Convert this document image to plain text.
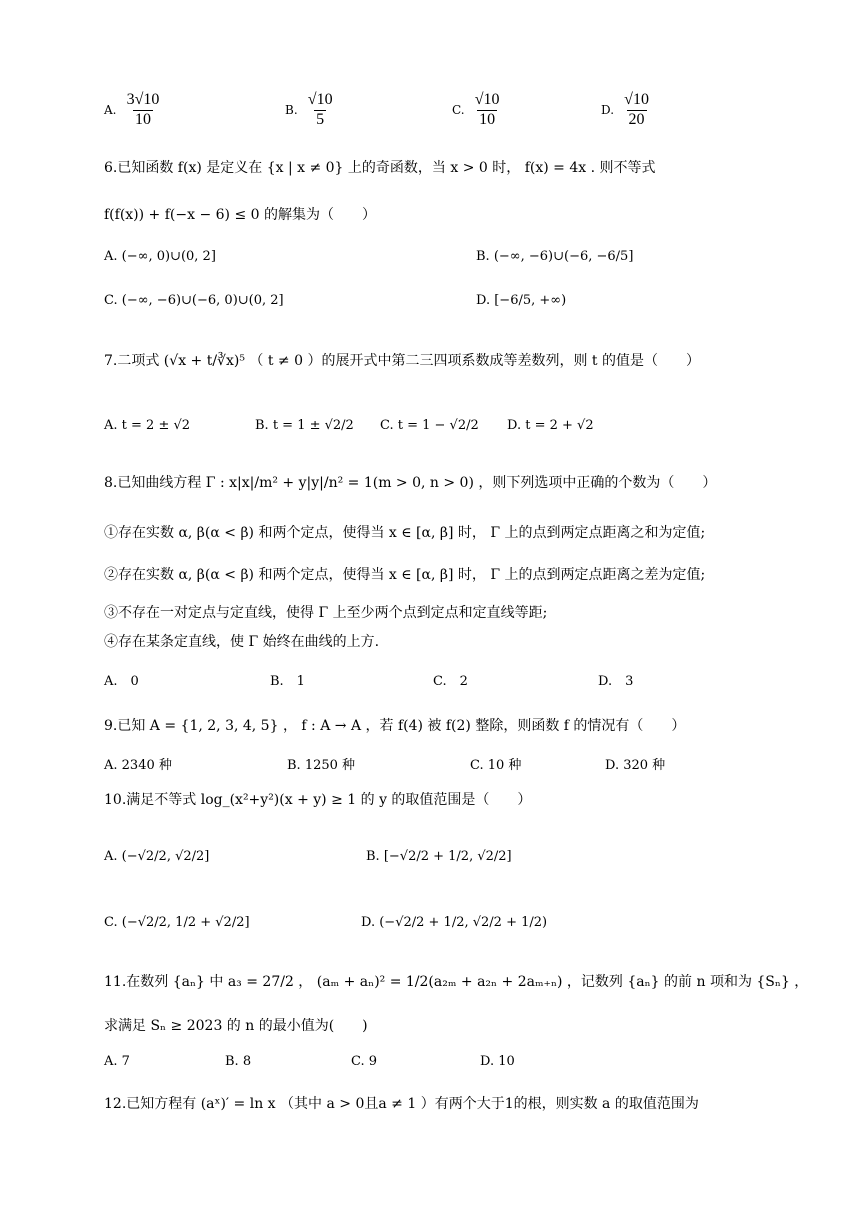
A. $\frac{3√10}{10}$	B. $\frac{√10}{5}$	C. $\frac{√10}{10}$	D. $\frac{√10}{20}$
6.已知函数 f(x) 是定义在 {x | x ≠ 0} 上的奇函数，当 x > 0 时， f(x) = 4x . 则不等式
f(f(x)) + f(−x − 6) ≤ 0 的解集为（　　）
A. (−∞, 0)∪(0, 2]	B. (−∞, −6)∪(−6, −6/5]
C. (−∞, −6)∪(−6, 0)∪(0, 2]	D. [−6/5, +∞)
7.二项式 (√x + t/∛x)⁵ （ t ≠ 0 ）的展开式中第二三四项系数成等差数列，则 t 的值是（　　）
A. t = 2 ± √2	B. t = 1 ± √2/2 C. t = 1 − √2/2 D. t = 2 + √2
8.已知曲线方程 Γ : x|x|/m² + y|y|/n² = 1(m > 0, n > 0) ，则下列选项中正确的个数为（　　）
①存在实数 α, β(α < β) 和两个定点，使得当 x ∈ [α, β] 时， Γ 上的点到两定点距离之和为定值;
②存在实数 α, β(α < β) 和两个定点，使得当 x ∈ [α, β] 时， Γ 上的点到两定点距离之差为定值;
③不存在一对定点与定直线，使得 Γ 上至少两个点到定点和定直线等距;
④存在某条定直线，使 Γ 始终在曲线的上方.
A.　0	B.　1	C.　2	D.　3
9.已知 A = {1, 2, 3, 4, 5} ， f : A → A ，若 f(4) 被 f(2) 整除，则函数 f 的情况有（　　）
A. 2340 种	B. 1250 种	C. 10 种	D. 320 种
10.满足不等式 log_(x²+y²)(x + y) ≥ 1 的 y 的取值范围是（　　）
A. (−√2/2, √2/2]	B. [−√2/2 + 1/2, √2/2]
C. (−√2/2, 1/2 + √2/2]	D. (−√2/2 + 1/2, √2/2 + 1/2)
11.在数列 {aₙ} 中 a₃ = 27/2 ， (aₘ + aₙ)² = 1/2(a₂ₘ + a₂ₙ + 2aₘ₊ₙ) ，记数列 {aₙ} 的前 n 项和为 {Sₙ} ，
求满足 Sₙ ≥ 2023 的 n 的最小值为(　　)
A. 7	B. 8	C. 9	D. 10
12.已知方程有 (aˣ)′ = ln x （其中 a > 0且a ≠ 1 ）有两个大于1的根，则实数 a 的取值范围为
